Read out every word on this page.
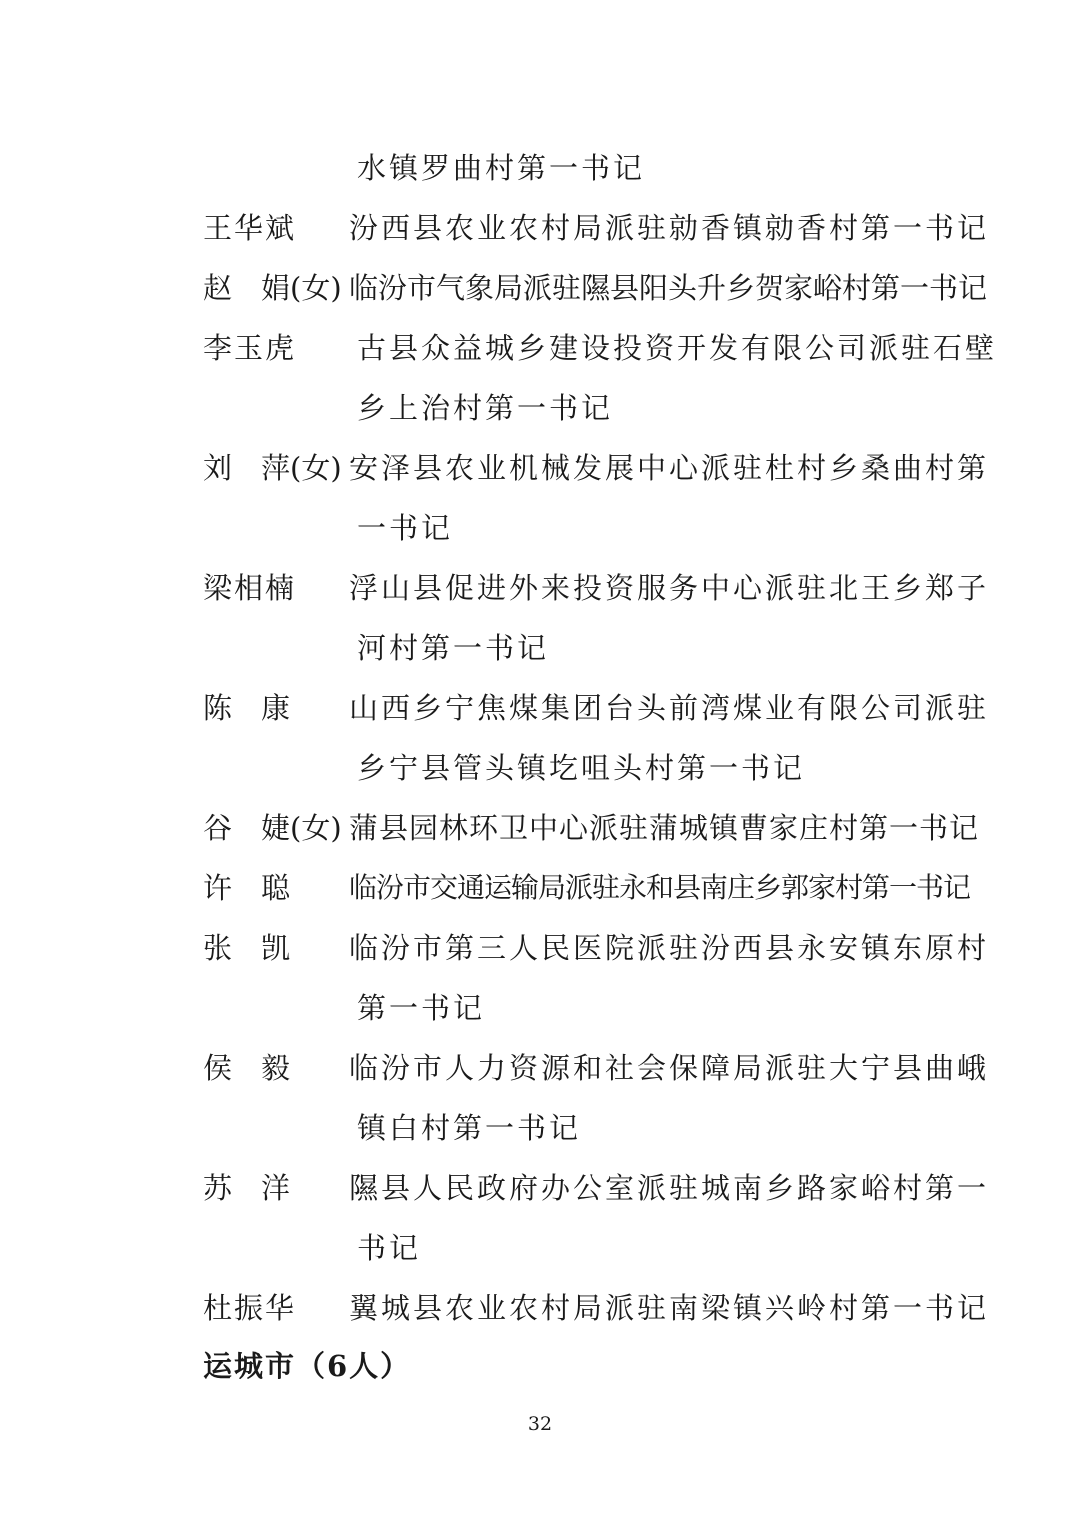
水镇罗曲村第一书记
王华斌	汾西县农业农村局派驻勍香镇勍香村第一书记
赵 娟(女) 临汾市气象局派驻隰县阳头升乡贺家峪村第一书记
李玉虎	古县众益城乡建设投资开发有限公司派驻石壁
乡上治村第一书记
刘 萍(女) 安泽县农业机械发展中心派驻杜村乡桑曲村第
一书记
梁相楠	浮山县促进外来投资服务中心派驻北王乡郑子
河村第一书记
陈 康	山西乡宁焦煤集团台头前湾煤业有限公司派驻
乡宁县管头镇圪咀头村第一书记
谷 婕(女) 蒲县园林环卫中心派驻蒲城镇曹家庄村第一书记
许 聪	临汾市交通运输局派驻永和县南庄乡郭家村第一书记
张 凯	临汾市第三人民医院派驻汾西县永安镇东原村
第一书记
侯 毅	临汾市人力资源和社会保障局派驻大宁县曲峨
镇白村第一书记
苏 洋	隰县人民政府办公室派驻城南乡路家峪村第一
书记
杜振华	翼城县农业农村局派驻南梁镇兴岭村第一书记
运城市（6人）
32
